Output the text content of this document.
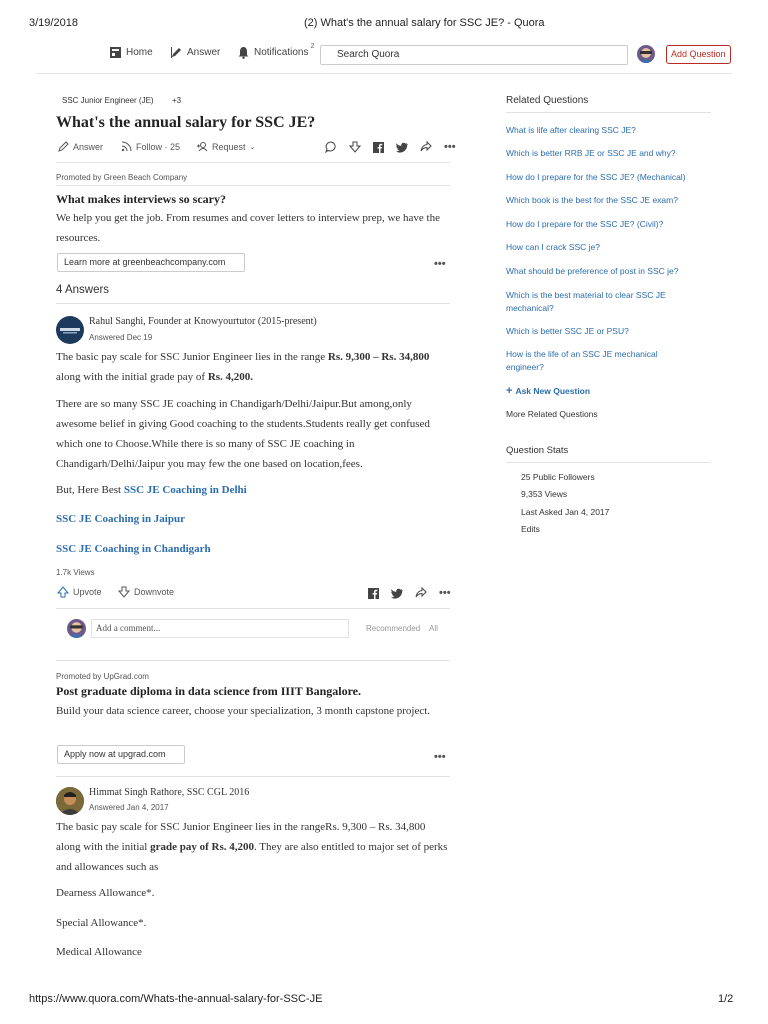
3/19/2018	(2) What's the annual salary for SSC JE? - Quora
Home	Answer	Notifications
2
Search Quora	Add Question
SSC Junior Engineer (JE) +3
What's the annual salary for SSC JE?
Answer	Follow · 25	Request ⌄	•••
Promoted by Green Beach Company
What makes interviews so scary?
We help you get the job. From resumes and cover letters to interview prep, we have the resources.
Learn more at greenbeachcompany.com	•••
4 Answers
Rahul Sanghi, Founder at Knowyourtutor (2015-present)
Answered Dec 19
The basic pay scale for SSC Junior Engineer lies in the range Rs. 9,300 – Rs. 34,800 along with the initial grade pay of Rs. 4,200.
There are so many SSC JE coaching in Chandigarh/Delhi/Jaipur.But among,only awesome belief in giving Good coaching to the students.Students really get confused which one to Choose.While there is so many of SSC JE coaching in Chandigarh/Delhi/Jaipur you may few the one based on location,fees.
But, Here Best SSC JE Coaching in Delhi
SSC JE Coaching in Jaipur
SSC JE Coaching in Chandigarh
1.7k Views
Upvote	Downvote	•••
Add a comment...	Recommended All
Promoted by UpGrad.com
Post graduate diploma in data science from IIIT Bangalore.
Build your data science career, choose your specialization, 3 month capstone project.
Apply now at upgrad.com	•••
Himmat Singh Rathore, SSC CGL 2016
Answered Jan 4, 2017
The basic pay scale for SSC Junior Engineer lies in the rangeRs. 9,300 – Rs. 34,800 along with the initial grade pay of Rs. 4,200. They are also entitled to major set of perks and allowances such as
Dearness Allowance*.
Special Allowance*.
Medical Allowance
Related Questions
What is life after clearing SSC JE?
Which is better RRB JE or SSC JE and why?
How do I prepare for the SSC JE? (Mechanical)
Which book is the best for the SSC JE exam?
How do I prepare for the SSC JE? (Civil)?
How can I crack SSC je?
What should be preference of post in SSC je?
Which is the best material to clear SSC JE mechanical?
Which is better SSC JE or PSU?
How is the life of an SSC JE mechanical engineer?
+ Ask New Question
More Related Questions
Question Stats
25 Public Followers
9,353 Views
Last Asked Jan 4, 2017
Edits
https://www.quora.com/Whats-the-annual-salary-for-SSC-JE	1/2
